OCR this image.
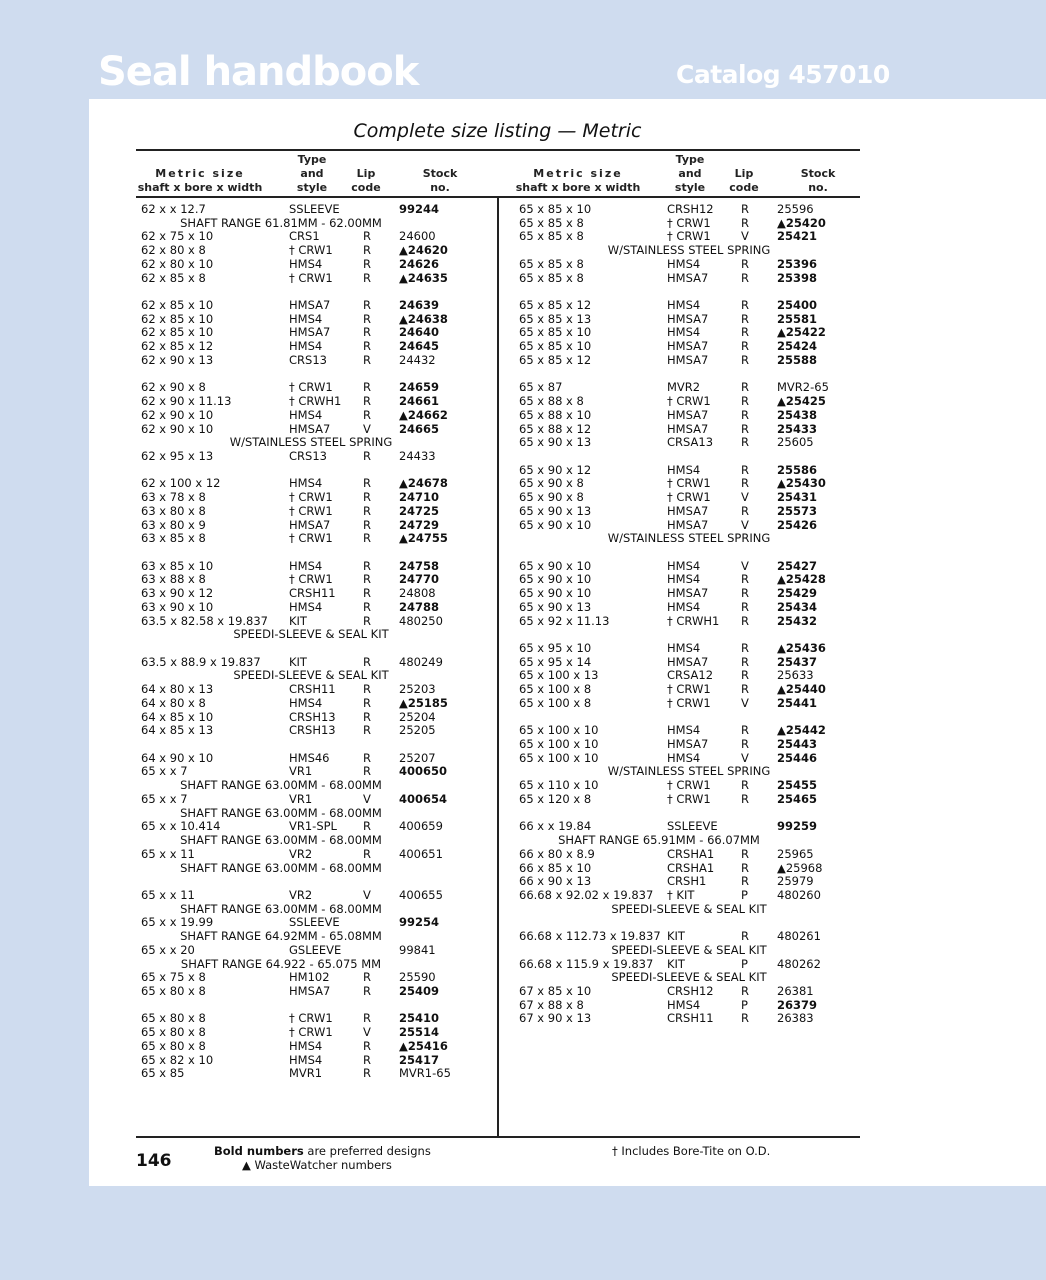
Seal handbook	Catalog 457010
Complete size listing — Metric
Type
Metric size	and	Lip	Stock
shaft x bore x width	style	code	no.
Type
Metric size	and	Lip	Stock
shaft x bore x width	style	code	no.
62 x x 12.7	SSLEEVE	99244
SHAFT RANGE 61.81MM - 62.00MM
62 x 75 x 10	CRS1	R 24600
62 x 80 x 8	† CRW1	R ▲24620
62 x 80 x 10	HMS4	R 24626
62 x 85 x 8	† CRW1	R ▲24635
62 x 85 x 10	HMSA7	R 24639
62 x 85 x 10	HMS4	R ▲24638
62 x 85 x 10	HMSA7	R 24640
62 x 85 x 12	HMS4	R 24645
62 x 90 x 13	CRS13	R 24432
62 x 90 x 8	† CRW1	R 24659
62 x 90 x 11.13	† CRWH1 R 24661
62 x 90 x 10	HMS4	R ▲24662
62 x 90 x 10	HMSA7	V 24665
W/STAINLESS STEEL SPRING
62 x 95 x 13	CRS13	R 24433
62 x 100 x 12	HMS4	R ▲24678
63 x 78 x 8	† CRW1	R 24710
63 x 80 x 8	† CRW1	R 24725
63 x 80 x 9	HMSA7	R 24729
63 x 85 x 8	† CRW1	R ▲24755
63 x 85 x 10	HMS4	R 24758
63 x 88 x 8	† CRW1	R 24770
63 x 90 x 12	CRSH11 R 24808
63 x 90 x 10	HMS4	R 24788
63.5 x 82.58 x 19.837 KIT	R 480250
SPEEDI-SLEEVE & SEAL KIT
63.5 x 88.9 x 19.837 KIT	R 480249
SPEEDI-SLEEVE & SEAL KIT
64 x 80 x 13	CRSH11 R 25203
64 x 80 x 8	HMS4	R ▲25185
64 x 85 x 10	CRSH13 R 25204
64 x 85 x 13	CRSH13 R 25205
64 x 90 x 10	HMS46	R 25207
65 x x 7	VR1	R 400650
SHAFT RANGE 63.00MM - 68.00MM
65 x x 7	VR1	V 400654
SHAFT RANGE 63.00MM - 68.00MM
65 x x 10.414	VR1-SPL R 400659
SHAFT RANGE 63.00MM - 68.00MM
65 x x 11	VR2	R 400651
SHAFT RANGE 63.00MM - 68.00MM
65 x x 11	VR2	V 400655
SHAFT RANGE 63.00MM - 68.00MM
65 x x 19.99	SSLEEVE	99254
SHAFT RANGE 64.92MM - 65.08MM
65 x x 20	GSLEEVE	99841
SHAFT RANGE 64.922 - 65.075 MM
65 x 75 x 8	HM102	R 25590
65 x 80 x 8	HMSA7	R 25409
65 x 80 x 8	† CRW1	R 25410
65 x 80 x 8	† CRW1	V 25514
65 x 80 x 8	HMS4	R ▲25416
65 x 82 x 10	HMS4	R 25417
65 x 85	MVR1	R MVR1-65
65 x 85 x 10	CRSH12 R 25596
65 x 85 x 8	† CRW1	R ▲25420
65 x 85 x 8	† CRW1	V 25421
W/STAINLESS STEEL SPRING
65 x 85 x 8	HMS4	R 25396
65 x 85 x 8	HMSA7	R 25398
65 x 85 x 12	HMS4	R 25400
65 x 85 x 13	HMSA7	R 25581
65 x 85 x 10	HMS4	R ▲25422
65 x 85 x 10	HMSA7	R 25424
65 x 85 x 12	HMSA7	R 25588
65 x 87	MVR2	R MVR2-65
65 x 88 x 8	† CRW1	R ▲25425
65 x 88 x 10	HMSA7	R 25438
65 x 88 x 12	HMSA7	R 25433
65 x 90 x 13	CRSA13 R 25605
65 x 90 x 12	HMS4	R 25586
65 x 90 x 8	† CRW1	R ▲25430
65 x 90 x 8	† CRW1	V 25431
65 x 90 x 13	HMSA7	R 25573
65 x 90 x 10	HMSA7	V 25426
W/STAINLESS STEEL SPRING
65 x 90 x 10	HMS4	V 25427
65 x 90 x 10	HMS4	R ▲25428
65 x 90 x 10	HMSA7	R 25429
65 x 90 x 13	HMS4	R 25434
65 x 92 x 11.13	† CRWH1 R 25432
65 x 95 x 10	HMS4	R ▲25436
65 x 95 x 14	HMSA7	R 25437
65 x 100 x 13	CRSA12 R 25633
65 x 100 x 8	† CRW1	R ▲25440
65 x 100 x 8	† CRW1	V 25441
65 x 100 x 10	HMS4	R ▲25442
65 x 100 x 10	HMSA7	R 25443
65 x 100 x 10	HMS4	V 25446
W/STAINLESS STEEL SPRING
65 x 110 x 10	† CRW1	R 25455
65 x 120 x 8	† CRW1	R 25465
66 x x 19.84	SSLEEVE	99259
SHAFT RANGE 65.91MM - 66.07MM
66 x 80 x 8.9	CRSHA1 R 25965
66 x 85 x 10	CRSHA1 R ▲25968
66 x 90 x 13	CRSH1	R 25979
66.68 x 92.02 x 19.837 † KIT	P	480260
SPEEDI-SLEEVE & SEAL KIT
66.68 x 112.73 x 19.837 KIT	R 480261
SPEEDI-SLEEVE & SEAL KIT
66.68 x 115.9 x 19.837 KIT	P	480262
SPEEDI-SLEEVE & SEAL KIT
67 x 85 x 10	CRSH12 R 26381
67 x 88 x 8	HMS4	P	26379
67 x 90 x 13	CRSH11 R 26383
146	Bold numbers are preferred designs
▲ WasteWatcher numbers
† Includes Bore-Tite on O.D.
